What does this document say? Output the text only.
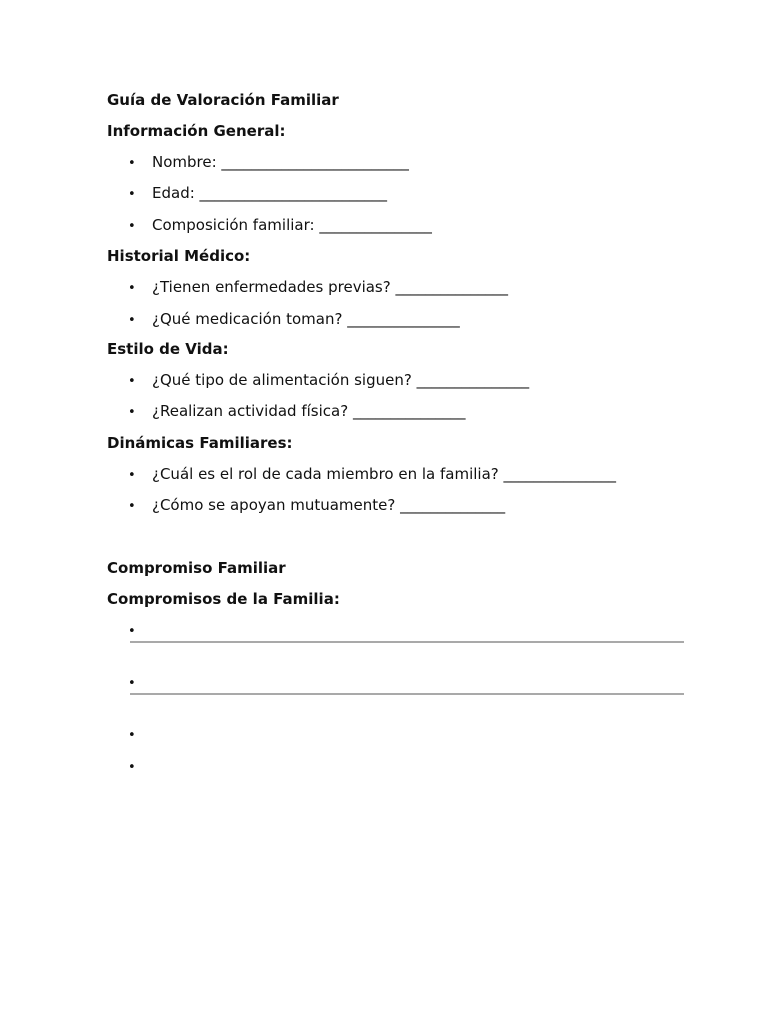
Guía de Valoración Familiar
Información General:
• Nombre: _________________________
• Edad: _________________________
• Composición familiar: _______________
Historial Médico:
• ¿Tienen enfermedades previas? _______________
• ¿Qué medicación toman? _______________
Estilo de Vida:
• ¿Qué tipo de alimentación siguen? _______________
• ¿Realizan actividad física? _______________
Dinámicas Familiares:
• ¿Cuál es el rol de cada miembro en la familia? _______________
• ¿Cómo se apoyan mutuamente? ______________
Compromiso Familiar
Compromisos de la Familia:
•
•
•
•
